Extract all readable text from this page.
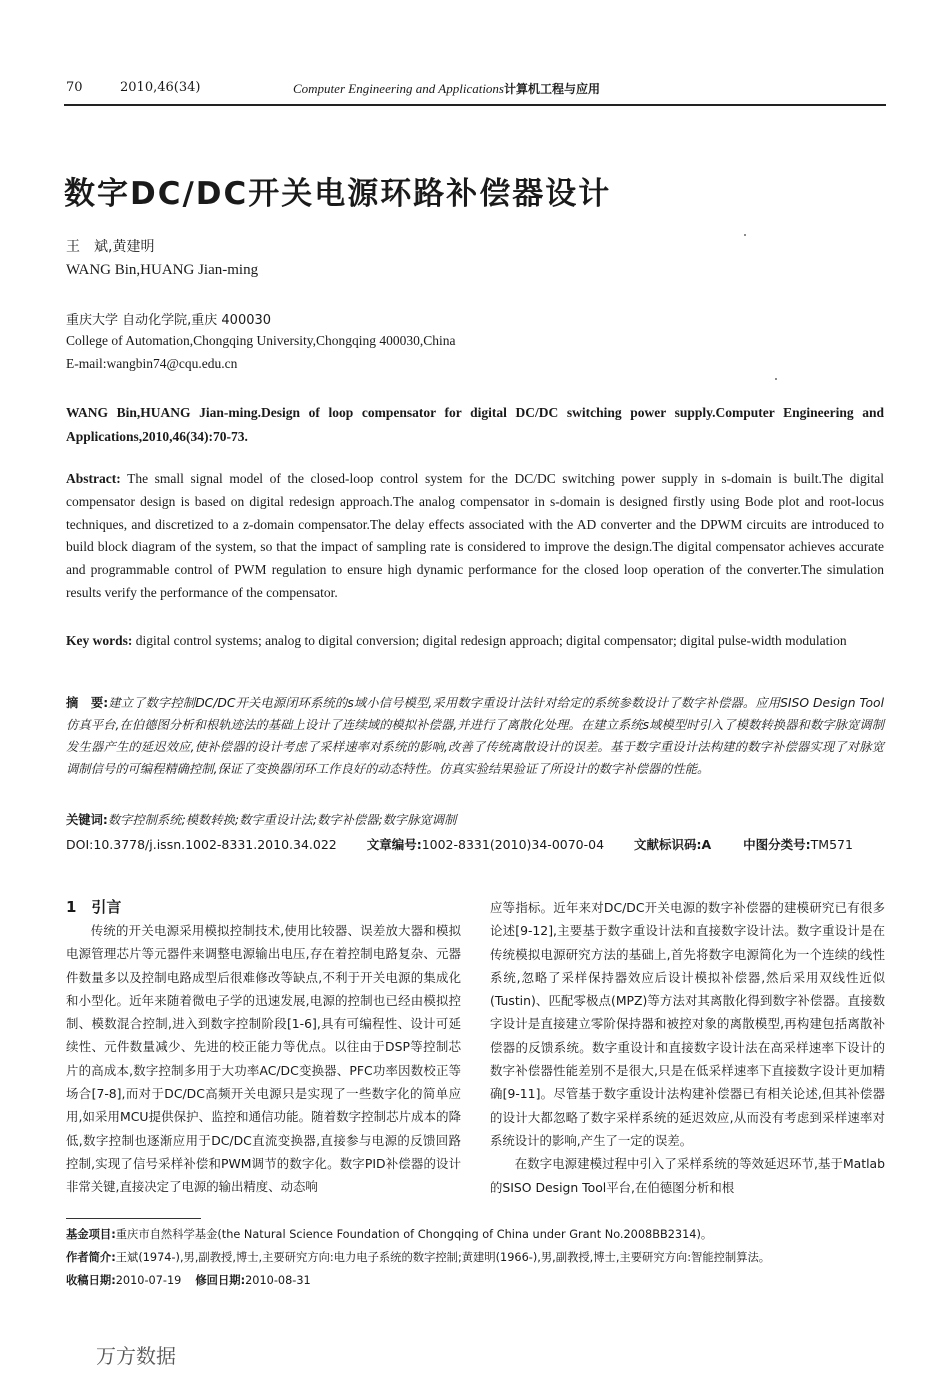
70	2010,46(34)	Computer Engineering and Applications计算机工程与应用
数字DC/DC开关电源环路补偿器设计
王　斌,黄建明
WANG Bin,HUANG Jian-ming
重庆大学 自动化学院,重庆 400030
College of Automation,Chongqing University,Chongqing 400030,China
E-mail:wangbin74@cqu.edu.cn
WANG Bin,HUANG Jian-ming.Design of loop compensator for digital DC/DC switching power supply.Computer Engineering and Applications,2010,46(34):70-73.
Abstract: The small signal model of the closed-loop control system for the DC/DC switching power supply in s-domain is built.The digital compensator design is based on digital redesign approach.The analog compensator in s-domain is designed firstly using Bode plot and root-locus techniques, and discretized to a z-domain compensator.The delay effects associated with the AD converter and the DPWM circuits are introduced to build block diagram of the system, so that the impact of sampling rate is considered to improve the design.The digital compensator achieves accurate and programmable control of PWM regulation to ensure high dynamic performance for the closed loop operation of the converter.The simulation results verify the performance of the compensator.
Key words: digital control systems; analog to digital conversion; digital redesign approach; digital compensator; digital pulse-width modulation
摘　要:建立了数字控制DC/DC开关电源闭环系统的s域小信号模型,采用数字重设计法针对给定的系统参数设计了数字补偿器。应用SISO Design Tool仿真平台,在伯德图分析和根轨迹法的基础上设计了连续域的模拟补偿器,并进行了离散化处理。在建立系统s域模型时引入了模数转换器和数字脉宽调制发生器产生的延迟效应,使补偿器的设计考虑了采样速率对系统的影响,改善了传统离散设计的误差。基于数字重设计法构建的数字补偿器实现了对脉宽调制信号的可编程精确控制,保证了变换器闭环工作良好的动态特性。仿真实验结果验证了所设计的数字补偿器的性能。
关键词:数字控制系统;模数转换;数字重设计法;数字补偿器;数字脉宽调制
DOI:10.3778/j.issn.1002-8331.2010.34.022 文章编号:1002-8331(2010)34-0070-04 文献标识码:A	中图分类号:TM571
1　引言

传统的开关电源采用模拟控制技术,使用比较器、误差放大器和模拟电源管理芯片等元器件来调整电源输出电压,存在着控制电路复杂、元器件数量多以及控制电路成型后很难修改等缺点,不利于开关电源的集成化和小型化。近年来随着微电子学的迅速发展,电源的控制也已经由模拟控制、模数混合控制,进入到数字控制阶段[1-6],具有可编程性、设计可延续性、元件数量减少、先进的校正能力等优点。以往由于DSP等控制芯片的高成本,数字控制多用于大功率AC/DC变换器、PFC功率因数校正等场合[7-8],而对于DC/DC高频开关电源只是实现了一些数字化的简单应用,如采用MCU提供保护、监控和通信功能。随着数字控制芯片成本的降低,数字控制也逐渐应用于DC/DC直流变换器,直接参与电源的反馈回路控制,实现了信号采样补偿和PWM调节的数字化。数字PID补偿器的设计非常关键,直接决定了电源的输出精度、动态响

应等指标。近年来对DC/DC开关电源的数字补偿器的建模研究已有很多论述[9-12],主要基于数字重设计法和直接数字设计法。数字重设计是在传统模拟电源研究方法的基础上,首先将数字电源简化为一个连续的线性系统,忽略了采样保持器效应后设计模拟补偿器,然后采用双线性近似(Tustin)、匹配零极点(MPZ)等方法对其离散化得到数字补偿器。直接数字设计是直接建立零阶保持器和被控对象的离散模型,再构建包括离散补偿器的反馈系统。数字重设计和直接数字设计法在高采样速率下设计的数字补偿器性能差别不是很大,只是在低采样速率下直接数字设计更加精确[9-11]。尽管基于数字重设计法构建补偿器已有相关论述,但其补偿器的设计大都忽略了数字采样系统的延迟效应,从而没有考虑到采样速率对系统设计的影响,产生了一定的误差。

在数字电源建模过程中引入了采样系统的等效延迟环节,基于Matlab的SISO Design Tool平台,在伯德图分析和根

基金项目:重庆市自然科学基金(the Natural Science Foundation of Chongqing of China under Grant No.2008BB2314)。
作者简介:王斌(1974-),男,副教授,博士,主要研究方向:电力电子系统的数字控制;黄建明(1966-),男,副教授,博士,主要研究方向:智能控制算法。
收稿日期:2010-07-19 修回日期:2010-08-31
万方数据
